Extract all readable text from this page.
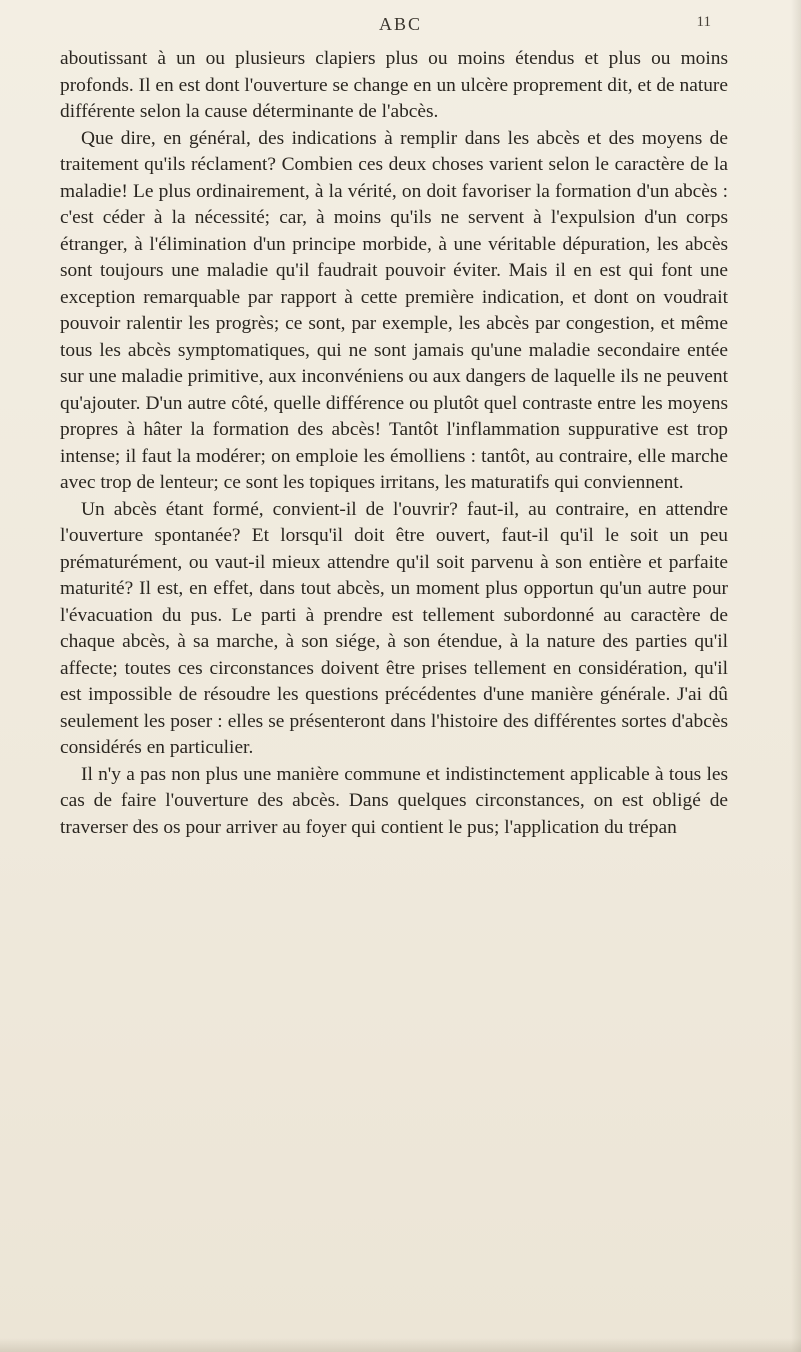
ABC	11

aboutissant à un ou plusieurs clapiers plus ou moins étendus et plus ou moins profonds. Il en est dont l'ouverture se change en un ulcère proprement dit, et de nature différente selon la cause déterminante de l'abcès.

Que dire, en général, des indications à remplir dans les abcès et des moyens de traitement qu'ils réclament? Combien ces deux choses varient selon le caractère de la maladie! Le plus ordinairement, à la vérité, on doit favoriser la formation d'un abcès : c'est céder à la nécessité; car, à moins qu'ils ne servent à l'expulsion d'un corps étranger, à l'élimination d'un principe morbide, à une véritable dépuration, les abcès sont toujours une maladie qu'il faudrait pouvoir éviter. Mais il en est qui font une exception remarquable par rapport à cette première indication, et dont on voudrait pouvoir ralentir les progrès; ce sont, par exemple, les abcès par congestion, et même tous les abcès symptomatiques, qui ne sont jamais qu'une maladie secondaire entée sur une maladie primitive, aux inconvéniens ou aux dangers de laquelle ils ne peuvent qu'ajouter. D'un autre côté, quelle différence ou plutôt quel contraste entre les moyens propres à hâter la formation des abcès! Tantôt l'inflammation suppurative est trop intense; il faut la modérer; on emploie les émolliens : tantôt, au contraire, elle marche avec trop de lenteur; ce sont les topiques irritans, les maturatifs qui conviennent.

Un abcès étant formé, convient-il de l'ouvrir? faut-il, au contraire, en attendre l'ouverture spontanée? Et lorsqu'il doit être ouvert, faut-il qu'il le soit un peu prématurément, ou vaut-il mieux attendre qu'il soit parvenu à son entière et parfaite maturité? Il est, en effet, dans tout abcès, un moment plus opportun qu'un autre pour l'évacuation du pus. Le parti à prendre est tellement subordonné au caractère de chaque abcès, à sa marche, à son siége, à son étendue, à la nature des parties qu'il affecte; toutes ces circonstances doivent être prises tellement en considération, qu'il est impossible de résoudre les questions précédentes d'une manière générale. J'ai dû seulement les poser : elles se présenteront dans l'histoire des différentes sortes d'abcès considérés en particulier.

Il n'y a pas non plus une manière commune et indistinctement applicable à tous les cas de faire l'ouverture des abcès. Dans quelques circonstances, on est obligé de traverser des os pour arriver au foyer qui contient le pus; l'application du trépan
